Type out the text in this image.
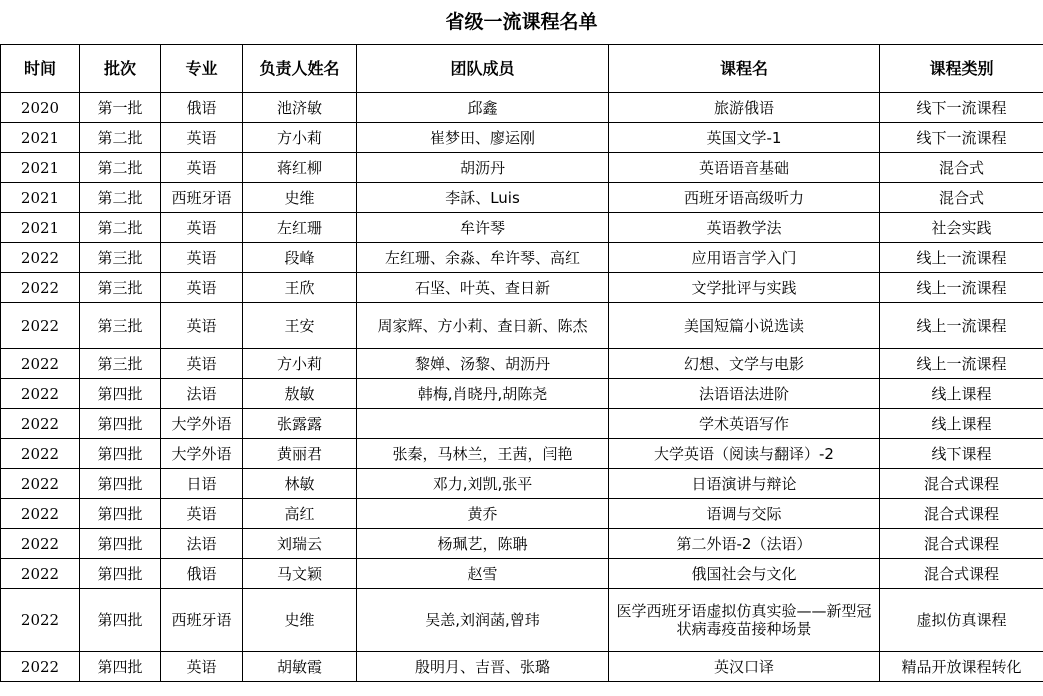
省级一流课程名单
时间	批次	专业	负责人姓名	团队成员	课程名	课程类别
2020	第一批	俄语	池济敏	邱鑫	旅游俄语	线下一流课程
2021	第二批	英语	方小莉	崔梦田、廖运刚	英国文学-1	线下一流课程
2021	第二批	英语	蒋红柳	胡沥丹	英语语音基础	混合式
2021	第二批	西班牙语	史维	李訸、Luis	西班牙语高级听力	混合式
2021	第二批	英语	左红珊	牟许琴	英语教学法	社会实践
2022	第三批	英语	段峰	左红珊、余淼、牟许琴、高红	应用语言学入门	线上一流课程
2022	第三批	英语	王欣	石坚、叶英、查日新	文学批评与实践	线上一流课程
2022	第三批	英语	王安	周家辉、方小莉、查日新、陈杰	美国短篇小说选读	线上一流课程
2022	第三批	英语	方小莉	黎婵、汤黎、胡沥丹	幻想、文学与电影	线上一流课程
2022	第四批	法语	敖敏	韩梅,肖晓丹,胡陈尧	法语语法进阶	线上课程
2022	第四批	大学外语	张露露		学术英语写作	线上课程
2022	第四批	大学外语	黄丽君	张秦，马林兰，王茜，闫艳	大学英语（阅读与翻译）-2	线下课程
2022	第四批	日语	林敏	邓力,刘凯,张平	日语演讲与辩论	混合式课程
2022	第四批	英语	高红	黄乔	语调与交际	混合式课程
2022	第四批	法语	刘瑞云	杨珮艺，陈聃	第二外语-2（法语）	混合式课程
2022	第四批	俄语	马文颖	赵雪	俄国社会与文化	混合式课程
2022	第四批	西班牙语	史维	吴恙,刘润菡,曾玮	医学西班牙语虚拟仿真实验——新型冠状病毒疫苗接种场景	虚拟仿真课程
2022	第四批	英语	胡敏霞	殷明月、吉晋、张璐	英汉口译	精品开放课程转化
